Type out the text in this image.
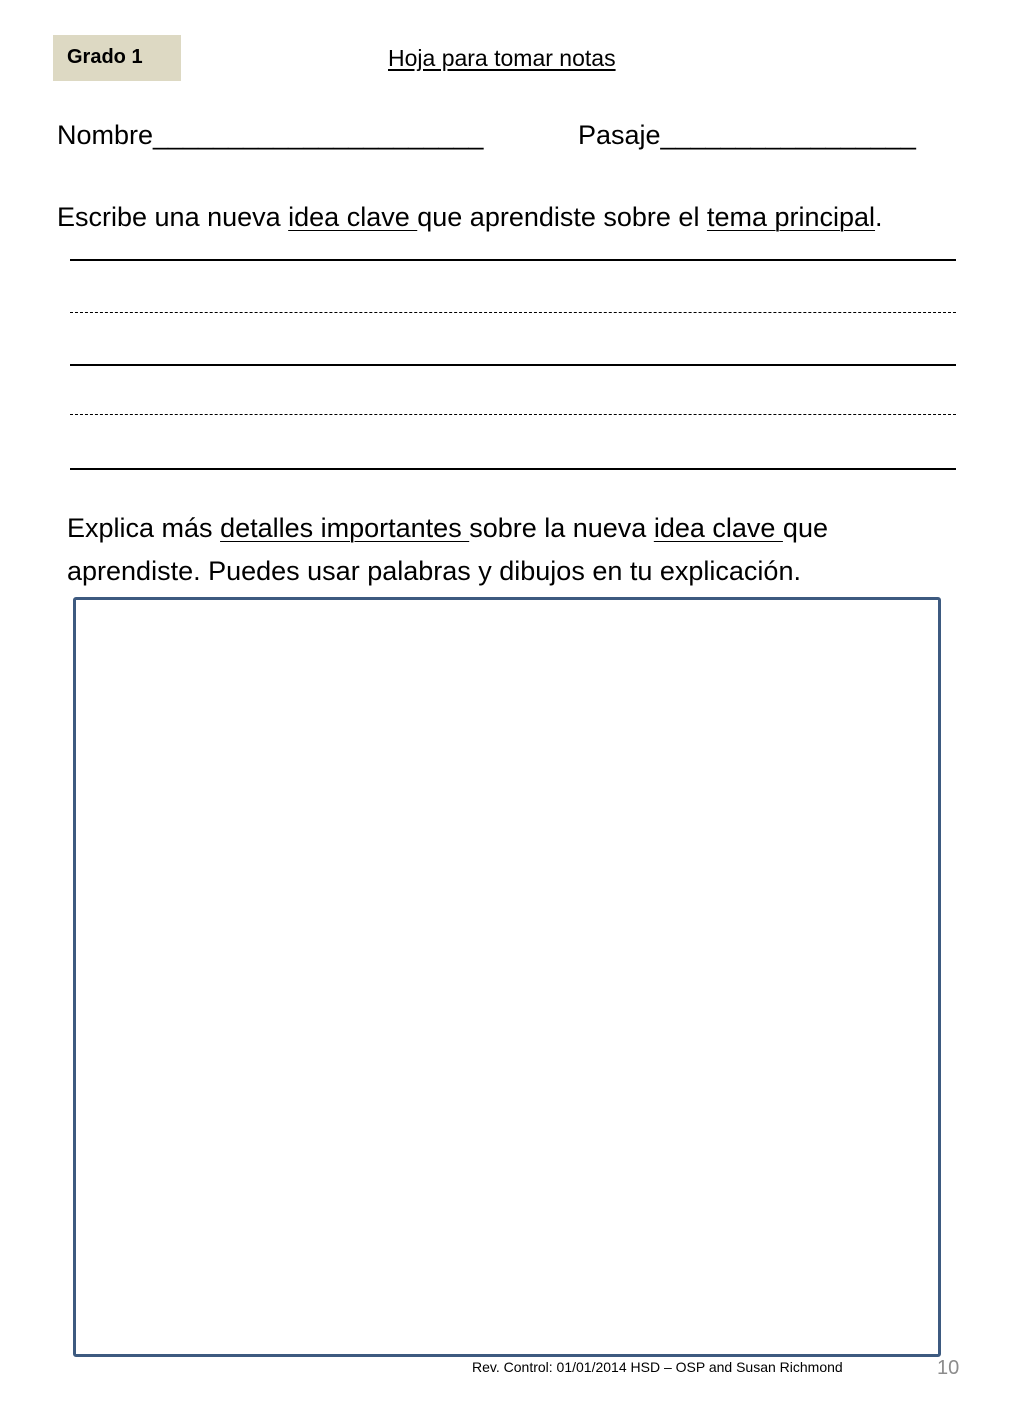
Grado 1	Hoja para tomar notas
Nombre______________________	Pasaje_________________
Escribe una nueva idea clave que aprendiste sobre el tema principal.
Explica más detalles importantes sobre la nueva idea clave que
aprendiste. Puedes usar palabras y dibujos en tu explicación.
Rev. Control: 01/01/2014 HSD – OSP and Susan Richmond	10
